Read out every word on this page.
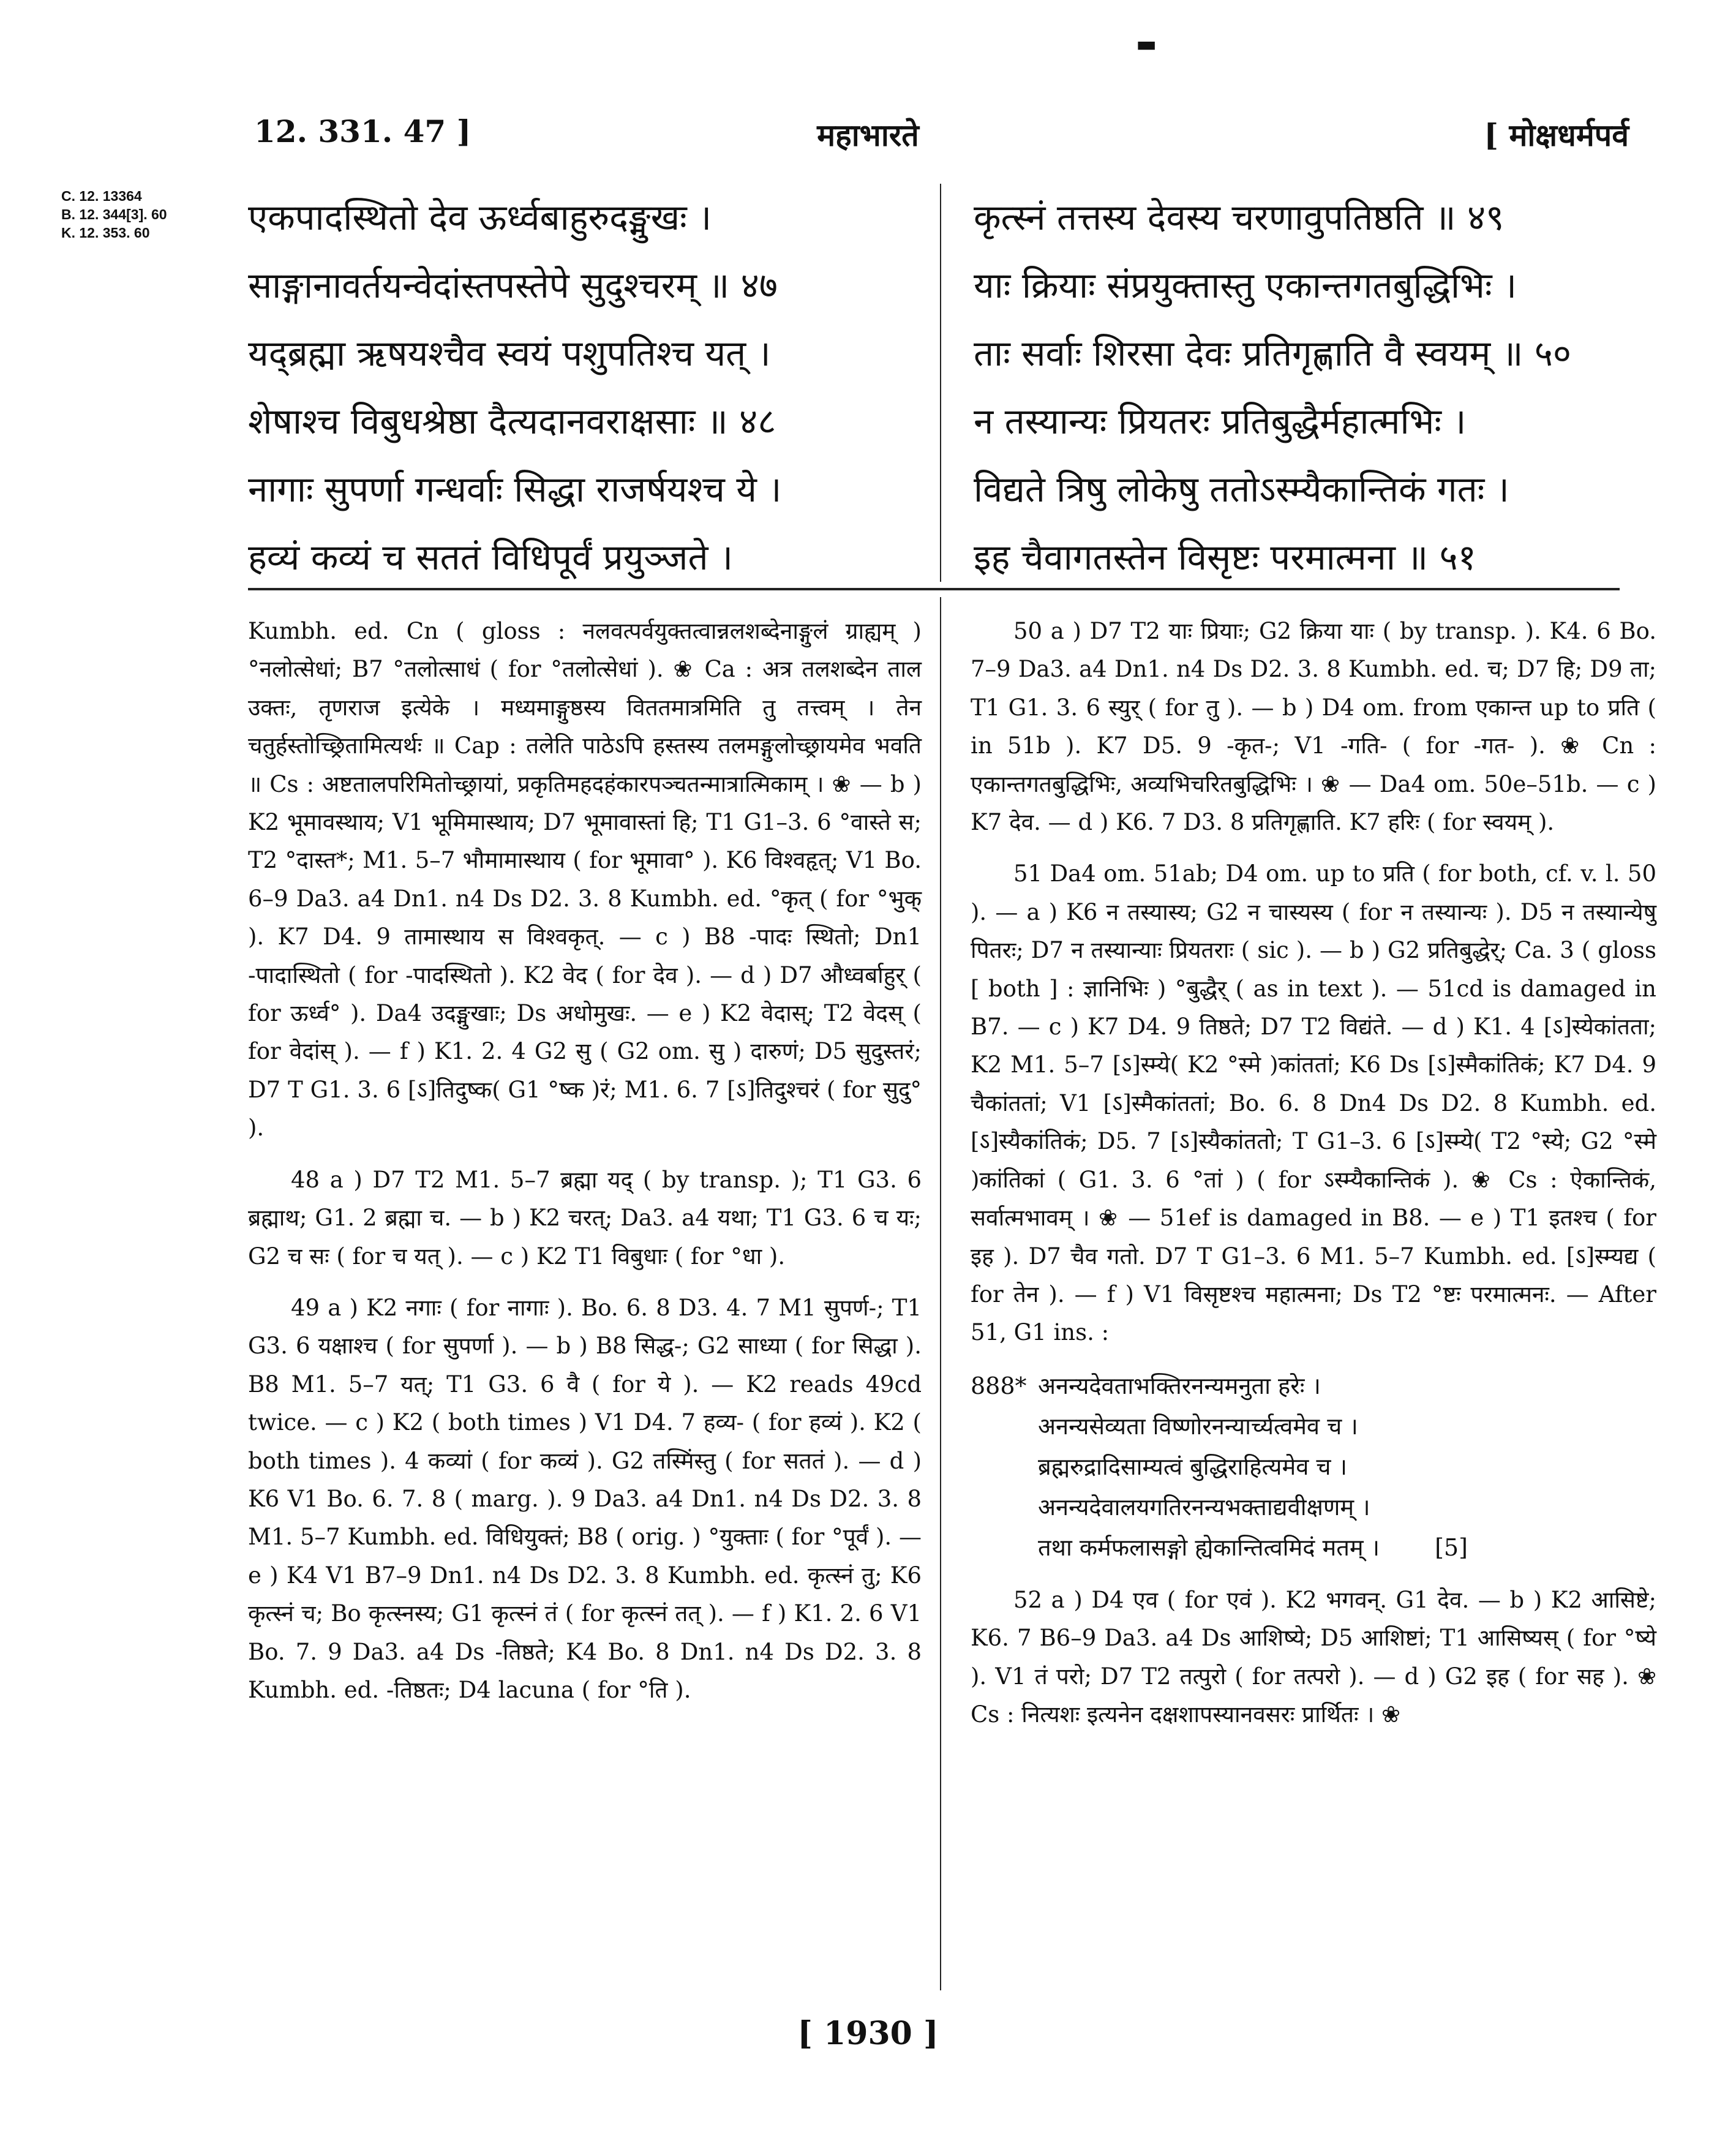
▬
12. 331. 47 ]	महाभारते	[ मोक्षधर्मपर्व
C. 12. 13364
B. 12. 344[3]. 60
K. 12. 353. 60	एकपादस्थितो देव ऊर्ध्वबाहुरुदङ्मुखः ।
साङ्गानावर्तयन्वेदांस्तपस्तेपे सुदुश्चरम् ॥ ४७
यद्ब्रह्मा ऋषयश्चैव स्वयं पशुपतिश्च यत् ।
शेषाश्च विबुधश्रेष्ठा दैत्यदानवराक्षसाः ॥ ४८
नागाः सुपर्णा गन्धर्वाः सिद्धा राजर्षयश्च ये ।
हव्यं कव्यं च सततं विधिपूर्वं प्रयुञ्जते ।
कृत्स्नं तत्तस्य देवस्य चरणावुपतिष्ठति ॥ ४९
याः क्रियाः संप्रयुक्तास्तु एकान्तगतबुद्धिभिः ।
ताः सर्वाः शिरसा देवः प्रतिगृह्णाति वै स्वयम् ॥ ५०
न तस्यान्यः प्रियतरः प्रतिबुद्धैर्महात्मभिः ।
विद्यते त्रिषु लोकेषु ततोऽस्म्यैकान्तिकं गतः ।
इह चैवागतस्तेन विसृष्टः परमात्मना ॥ ५१

Kumbh. ed. Cn ( gloss : नलवत्पर्वयुक्तत्वान्नलशब्देनाङ्गुलं ग्राह्यम् ) °नलोत्सेधां; B7 °तलोत्साधं ( for °तलोत्सेधां ). ❀ Ca : अत्र तलशब्देन ताल उक्तः, तृणराज इत्येके । मध्यमाङ्गुष्ठस्य विततमात्रमिति तु तत्त्वम् । तेन चतुर्हस्तोच्छ्रितामित्यर्थः ॥ Cap : तलेति पाठेऽपि हस्तस्य तलमङ्गुलोच्छ्रायमेव भवति ॥ Cs : अष्टतालपरिमितोच्छ्रायां, प्रकृतिमहदहंकारपञ्चतन्मात्रात्मिकाम् । ❀ — b ) K2 भूमावस्थाय; V1 भूमिमास्थाय; D7 भूमावास्तां हि; T1 G1–3. 6 °वास्ते स; T2 °दास्त*; M1. 5–7 भौमामास्थाय ( for भूमावा° ). K6 विश्वहृत्; V1 Bo. 6–9 Da3. a4 Dn1. n4 Ds D2. 3. 8 Kumbh. ed. °कृत् ( for °भुक् ). K7 D4. 9 तामास्थाय स विश्वकृत्. — c ) B8 -पादः स्थितो; Dn1 -पादास्थितो ( for -पादस्थितो ). K2 वेद ( for देव ). — d ) D7 औध्वर्बाहुर् ( for ऊर्ध्व° ). Da4 उदङ्मुखाः; Ds अधोमुखः. — e ) K2 वेदास्; T2 वेदस् ( for वेदांस् ). — f ) K1. 2. 4 G2 सु ( G2 om. सु ) दारुणं; D5 सुदुस्तरं; D7 T G1. 3. 6 [ऽ]तिदुष्क( G1 °ष्क )रं; M1. 6. 7 [ऽ]तिदुश्चरं ( for सुदु° ).

48 a ) D7 T2 M1. 5–7 ब्रह्मा यद् ( by transp. ); T1 G3. 6 ब्रह्माथ; G1. 2 ब्रह्मा च. — b ) K2 चरत्; Da3. a4 यथा; T1 G3. 6 च यः; G2 च सः ( for च यत् ). — c ) K2 T1 विबुधाः ( for °धा ).

49 a ) K2 नगाः ( for नागाः ). Bo. 6. 8 D3. 4. 7 M1 सुपर्ण-; T1 G3. 6 यक्षाश्च ( for सुपर्णा ). — b ) B8 सिद्ध-; G2 साध्या ( for सिद्धा ). B8 M1. 5–7 यत्; T1 G3. 6 वै ( for ये ). — K2 reads 49cd twice. — c ) K2 ( both times ) V1 D4. 7 हव्य- ( for हव्यं ). K2 ( both times ). 4 कव्यां ( for कव्यं ). G2 तस्मिंस्तु ( for सततं ). — d ) K6 V1 Bo. 6. 7. 8 ( marg. ). 9 Da3. a4 Dn1. n4 Ds D2. 3. 8 M1. 5–7 Kumbh. ed. विधियुक्तं; B8 ( orig. ) °युक्ताः ( for °पूर्वं ). — e ) K4 V1 B7–9 Dn1. n4 Ds D2. 3. 8 Kumbh. ed. कृत्स्नं तु; K6 कृत्स्नं च; Bo कृत्स्नस्य; G1 कृत्स्नं तं ( for कृत्स्नं तत् ). — f ) K1. 2. 6 V1 Bo. 7. 9 Da3. a4 Ds -तिष्ठते; K4 Bo. 8 Dn1. n4 Ds D2. 3. 8 Kumbh. ed. -तिष्ठतः; D4 lacuna ( for °ति ).

50 a ) D7 T2 याः प्रियाः; G2 क्रिया याः ( by transp. ). K4. 6 Bo. 7–9 Da3. a4 Dn1. n4 Ds D2. 3. 8 Kumbh. ed. च; D7 हि; D9 ता; T1 G1. 3. 6 स्युर् ( for तु ). — b ) D4 om. from एकान्त up to प्रति ( in 51b ). K7 D5. 9 -कृत-; V1 -गति- ( for -गत- ). ❀ Cn : एकान्तगतबुद्धिभिः, अव्यभिचरितबुद्धिभिः । ❀ — Da4 om. 50e–51b. — c ) K7 देव. — d ) K6. 7 D3. 8 प्रतिगृह्णाति. K7 हरिः ( for स्वयम् ).

51 Da4 om. 51ab; D4 om. up to प्रति ( for both, cf. v. l. 50 ). — a ) K6 न तस्यास्य; G2 न चास्यस्य ( for न तस्यान्यः ). D5 न तस्यान्येषु पितरः; D7 न तस्यान्याः प्रियतराः ( sic ). — b ) G2 प्रतिबुद्धेर्; Ca. 3 ( gloss [ both ] : ज्ञानिभिः ) °बुद्धैर् ( as in text ). — 51cd is damaged in B7. — c ) K7 D4. 9 तिष्ठते; D7 T2 विद्यंते. — d ) K1. 4 [ऽ]स्येकांतता; K2 M1. 5–7 [ऽ]स्म्ये( K2 °स्मे )कांततां; K6 Ds [ऽ]स्मैकांतिकं; K7 D4. 9 चैकांततां; V1 [ऽ]स्मैकांततां; Bo. 6. 8 Dn4 Ds D2. 8 Kumbh. ed. [ऽ]स्यैकांतिकं; D5. 7 [ऽ]स्यैकांततो; T G1–3. 6 [ऽ]स्म्ये( T2 °स्ये; G2 °स्मे )कांतिकां ( G1. 3. 6 °तां ) ( for ऽस्म्यैकान्तिकं ). ❀ Cs : ऐकान्तिकं, सर्वात्मभावम् । ❀ — 51ef is damaged in B8. — e ) T1 इतश्च ( for इह ). D7 चैव गतो. D7 T G1–3. 6 M1. 5–7 Kumbh. ed. [ऽ]स्म्यद्य ( for तेन ). — f ) V1 विसृष्टश्च महात्मना; Ds T2 °ष्टः परमात्मनः. — After 51, G1 ins. :

888* अनन्यदेवताभक्तिरनन्यमनुता हरेः ।
अनन्यसेव्यता विष्णोरनन्यार्च्यत्वमेव च ।
ब्रह्मरुद्रादिसाम्यत्वं बुद्धिराहित्यमेव च ।
अनन्यदेवालयगतिरनन्यभक्ताद्यवीक्षणम् ।
तथा कर्मफलासङ्गो ह्येकान्तित्वमिदं मतम् । [5]

52 a ) D4 एव ( for एवं ). K2 भगवन्. G1 देव. — b ) K2 आसिष्टे; K6. 7 B6–9 Da3. a4 Ds आशिष्ये; D5 आशिष्टां; T1 आसिष्यस् ( for °ष्ये ). V1 तं परो; D7 T2 तत्पुरो ( for तत्परो ). — d ) G2 इह ( for सह ). ❀ Cs : नित्यशः इत्यनेन दक्षशापस्यानवसरः प्रार्थितः । ❀

[ 1930 ]
